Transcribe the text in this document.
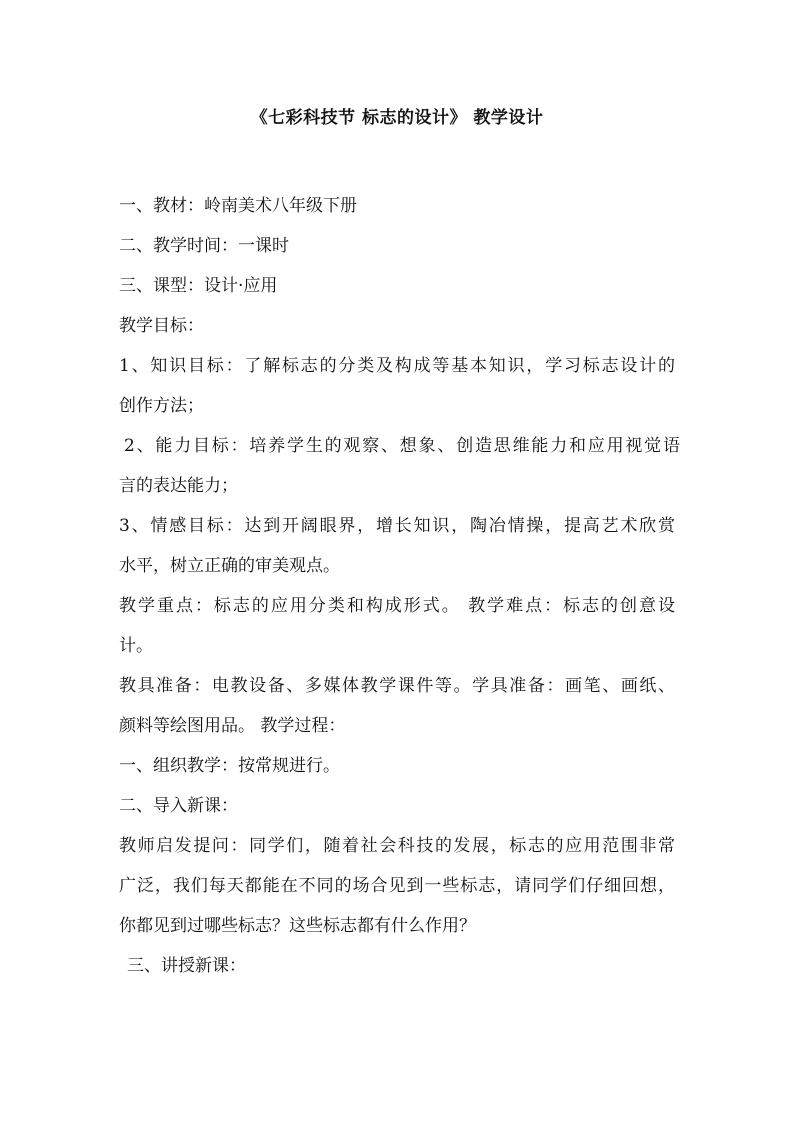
《七彩科技节 标志的设计》 教学设计
一、教材：岭南美术八年级下册
二、教学时间：一课时
三、课型：设计·应用
教学目标：
1、知识目标：了解标志的分类及构成等基本知识，学习标志设计的
创作方法；
2、能力目标：培养学生的观察、想象、创造思维能力和应用视觉语
言的表达能力；
3、情感目标：达到开阔眼界，增长知识，陶冶情操，提高艺术欣赏
水平，树立正确的审美观点。
教学重点：标志的应用分类和构成形式。 教学难点：标志的创意设
计。
教具准备：电教设备、多媒体教学课件等。学具准备：画笔、画纸、
颜料等绘图用品。 教学过程：
一、组织教学：按常规进行。
二、导入新课：
教师启发提问：同学们，随着社会科技的发展，标志的应用范围非常
广泛，我们每天都能在不同的场合见到一些标志，请同学们仔细回想，
你都见到过哪些标志？这些标志都有什么作用？
三、讲授新课：
